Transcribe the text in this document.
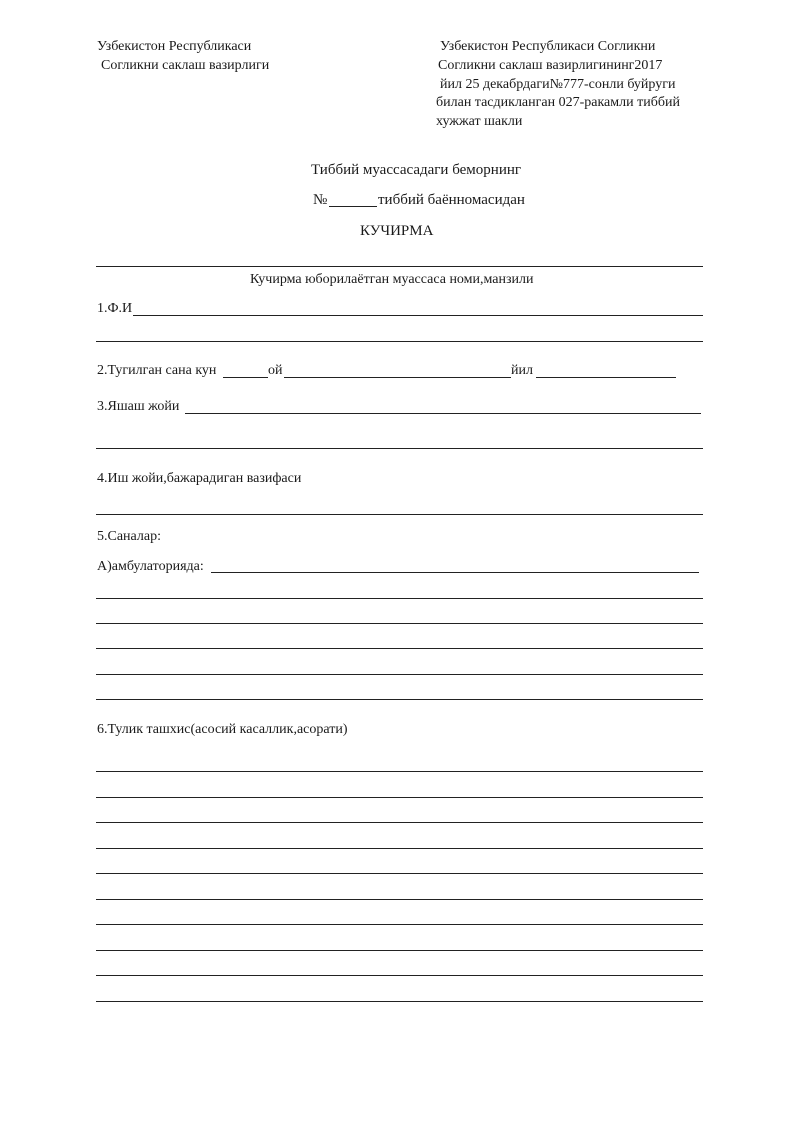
Узбекистон Республикаси
Согликни саклаш вазирлиги
Узбекистон Республикаси Согликни
Согликни саклаш вазирлигининг2017
йил 25 декабрдаги№777-сонли буйруги
билан тасдикланган 027-ракамли тиббий
хужжат шакли
Тиббий муассасадаги беморнинг
№	тиббий баённомасидан
КУЧИРМА
Кучирма юборилаётган муассаса номи,манзили
1.Ф.И
2.Тугилган сана кун	ой	йил
3.Яшаш жойи
4.Иш жойи,бажарадиган вазифаси
5.Саналар:
А)амбулаторияда:
6.Тулик ташхис(асосий касаллик,асорати)
